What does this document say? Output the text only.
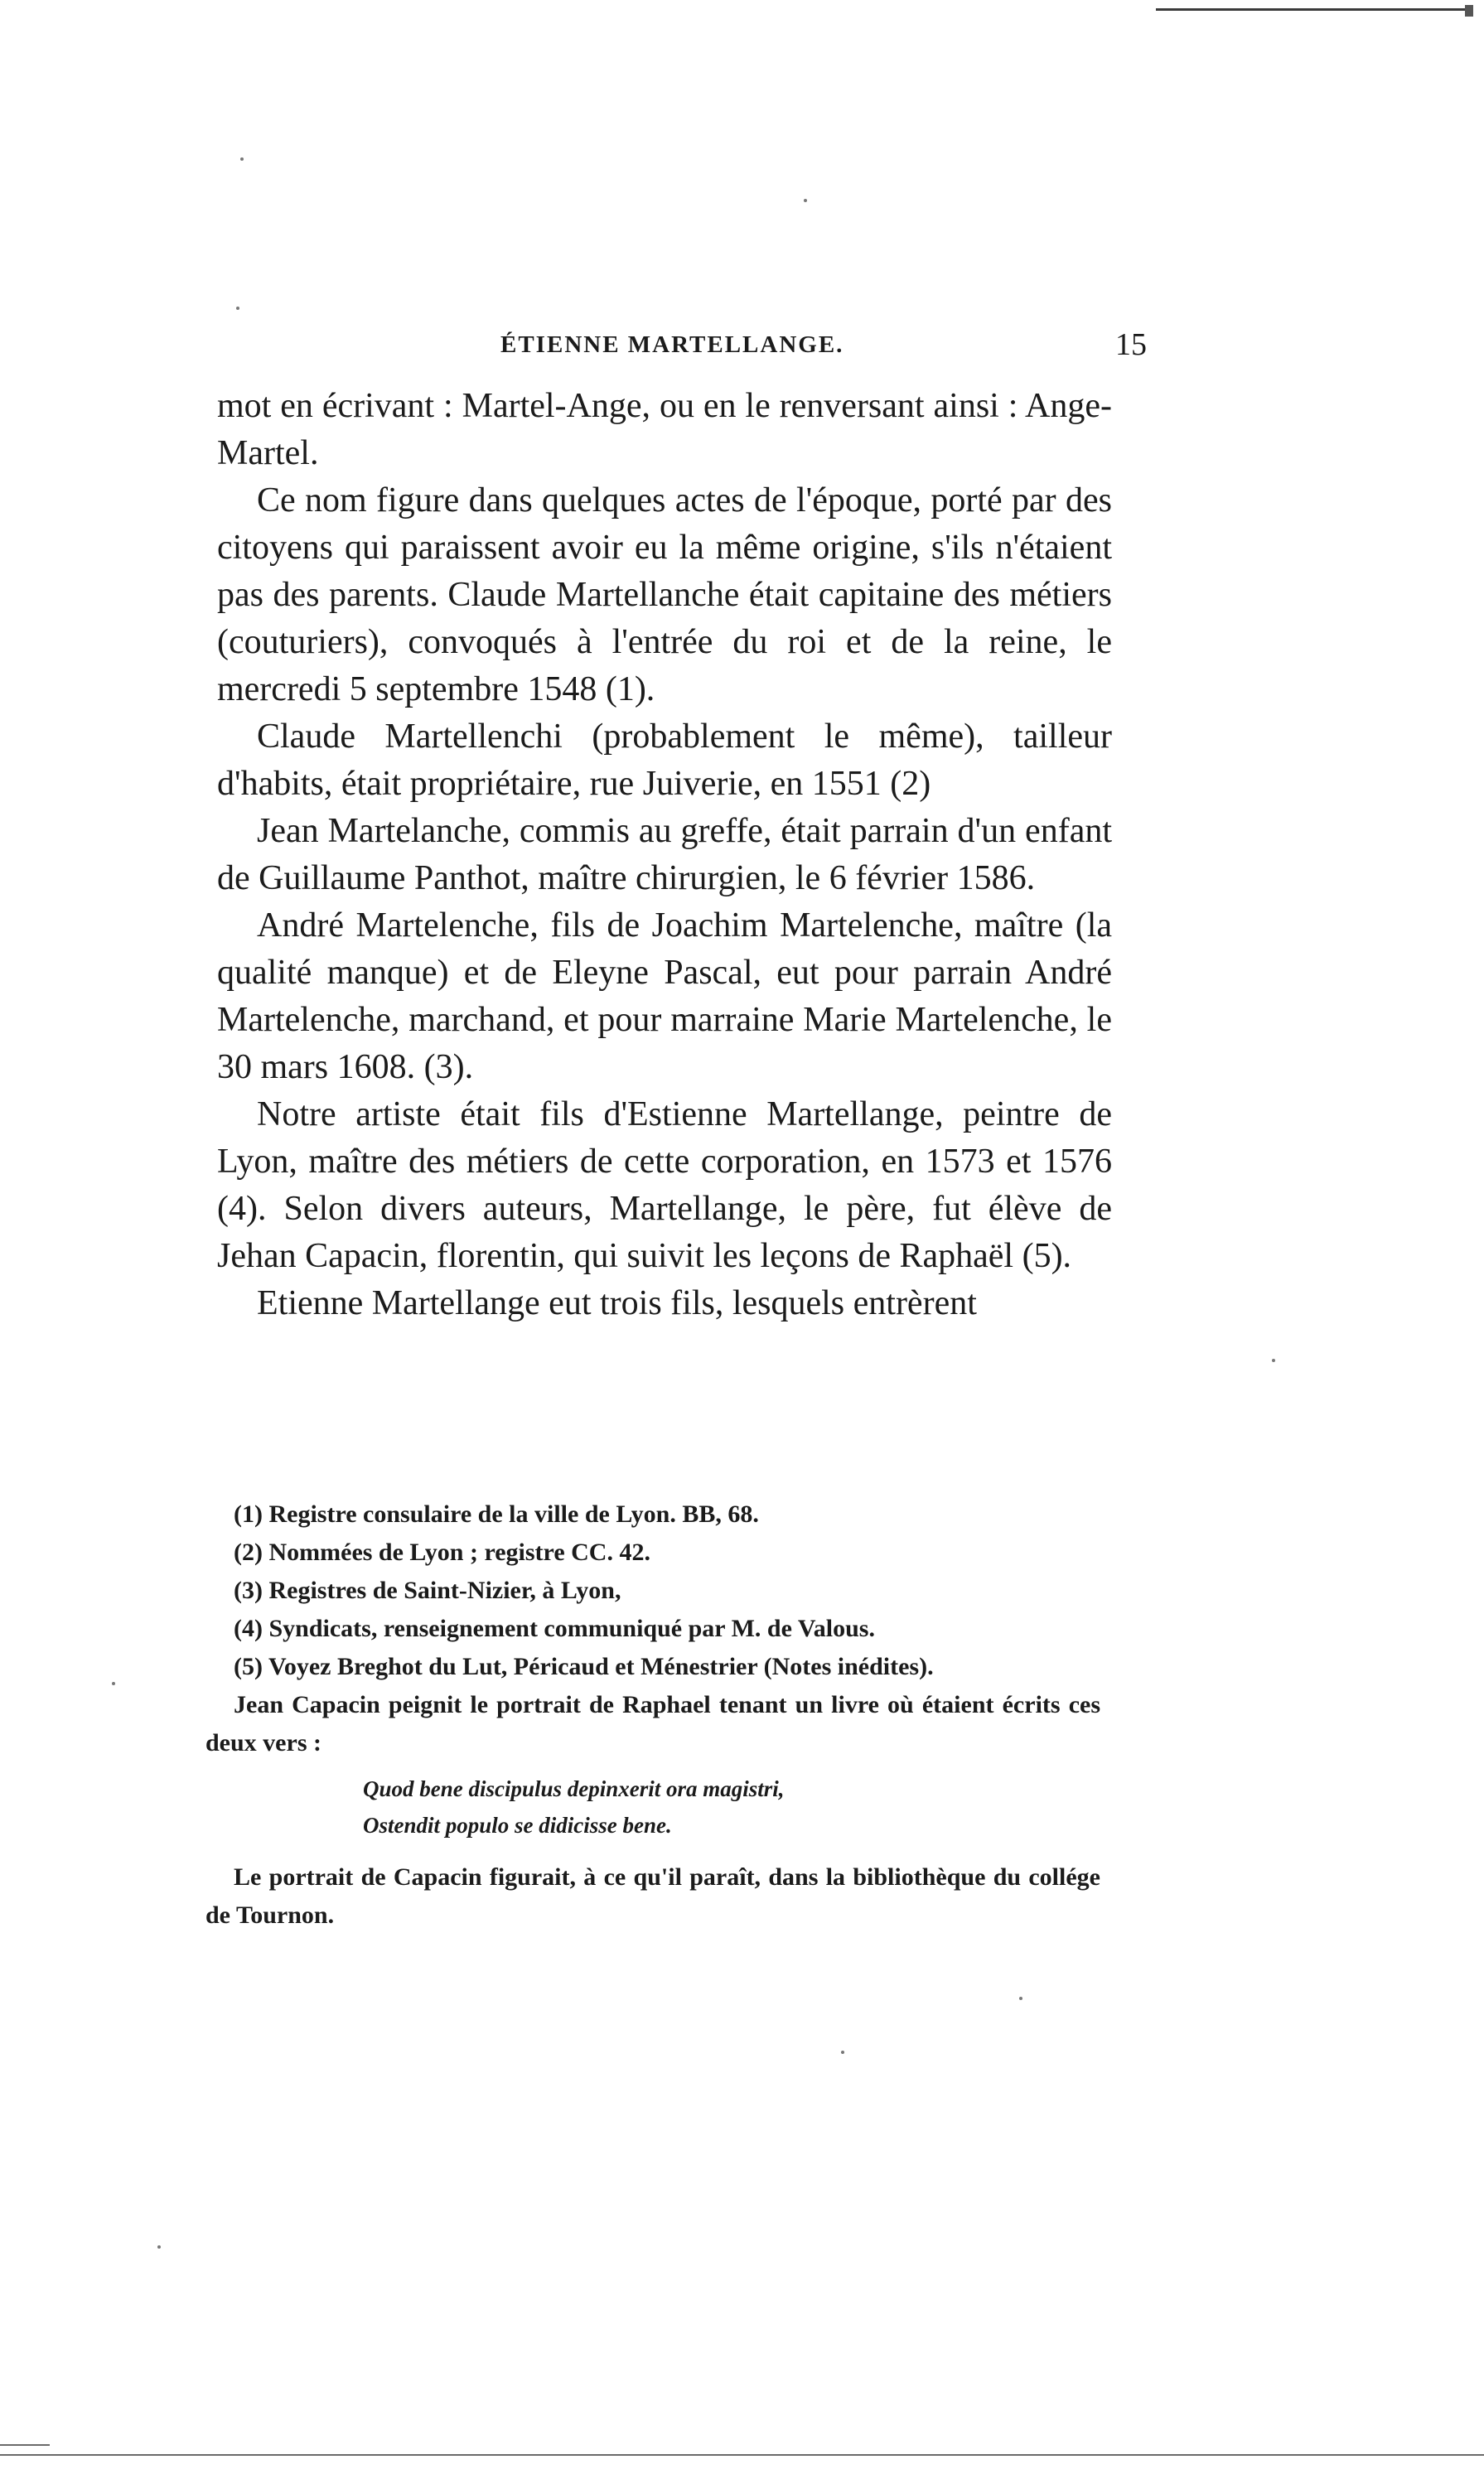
ÉTIENNE MARTELLANGE.	15

mot en écrivant : Martel-Ange, ou en le renversant ainsi : Ange-Martel.

Ce nom figure dans quelques actes de l'époque, porté par des citoyens qui paraissent avoir eu la même origine, s'ils n'étaient pas des parents. Claude Martellanche était capitaine des métiers (couturiers), convoqués à l'entrée du roi et de la reine, le mercredi 5 septembre 1548 (1).

Claude Martellenchi (probablement le même), tailleur d'habits, était propriétaire, rue Juiverie, en 1551 (2)

Jean Martelanche, commis au greffe, était parrain d'un enfant de Guillaume Panthot, maître chirurgien, le 6 février 1586.

André Martelenche, fils de Joachim Martelenche, maître (la qualité manque) et de Eleyne Pascal, eut pour parrain André Martelenche, marchand, et pour marraine Marie Martelenche, le 30 mars 1608. (3).

Notre artiste était fils d'Estienne Martellange, peintre de Lyon, maître des métiers de cette corporation, en 1573 et 1576 (4). Selon divers auteurs, Martellange, le père, fut élève de Jehan Capacin, florentin, qui suivit les leçons de Raphaël (5).

Etienne Martellange eut trois fils, lesquels entrèrent

(1) Registre consulaire de la ville de Lyon. BB, 68.

(2) Nommées de Lyon ; registre CC. 42.

(3) Registres de Saint-Nizier, à Lyon,

(4) Syndicats, renseignement communiqué par M. de Valous.

(5) Voyez Breghot du Lut, Péricaud et Ménestrier (Notes inédites).

Jean Capacin peignit le portrait de Raphael tenant un livre où étaient écrits ces deux vers :

Quod bene discipulus depinxerit ora magistri,

Ostendit populo se didicisse bene.

Le portrait de Capacin figurait, à ce qu'il paraît, dans la bibliothèque du collége de Tournon.
